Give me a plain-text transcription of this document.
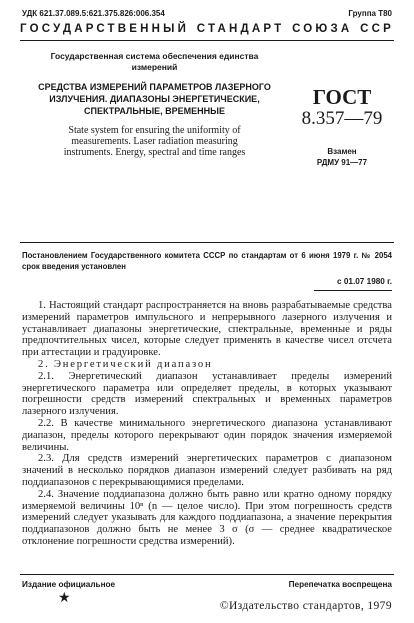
УДК 621.37.089.5:621.375.826:006.354	Группа Т80
ГОСУДАРСТВЕННЫЙ СТАНДАРТ СОЮЗА ССР
Государственная система обеспечения единства
измерений
СРЕДСТВА ИЗМЕРЕНИЙ ПАРАМЕТРОВ ЛАЗЕРНОГО
ИЗЛУЧЕНИЯ. ДИАПАЗОНЫ ЭНЕРГЕТИЧЕСКИЕ,
СПЕКТРАЛЬНЫЕ, ВРЕМЕННЫЕ
State system for ensuring the uniformity of
measurements. Laser radiation measuring
instruments. Energy, spectral and time ranges
ГОСТ
8.357—79
Взамен
РДМУ 91—77
Постановлением Государственного комитета СССР по стандартам от 6 июня 1979 г. № 2054 срок введения установлен
с 01.07 1980 г.

1. Настоящий стандарт распространяется на вновь разрабатываемые средства измерений параметров импульсного и непрерывного лазерного излучения и устанавливает диапазоны энергетические, спектральные, временные и ряды предпочтительных чисел, которые следует применять в качестве чисел отсчета при аттестации и градуировке.

2. Энергетический диапазон

2.1. Энергетический диапазон устанавливает пределы измерений энергетического параметра или определяет пределы, в которых указывают погрешности средств измерений спектральных и временных параметров лазерного излучения.

2.2. В качестве минимального энергетического диапазона устанавливают диапазон, пределы которого перекрывают один порядок значения измеряемой величины.

2.3. Для средств измерений энергетических параметров с диапазоном значений в несколько порядков диапазон измерений следует разбивать на ряд поддиапазонов с перекрывающимися пределами.

2.4. Значение поддиапазона должно быть равно или кратно одному порядку измеряемой величины 10ⁿ (n — целое число). При этом погрешность средств измерений следует указывать для каждого поддиапазона, а значение перекрытия поддиапазонов должно быть не менее 3 σ (σ — среднее квадратическое отклонение погрешности средства измерений).

Издание официальное	Перепечатка воспрещена
★	©Издательство стандартов, 1979
